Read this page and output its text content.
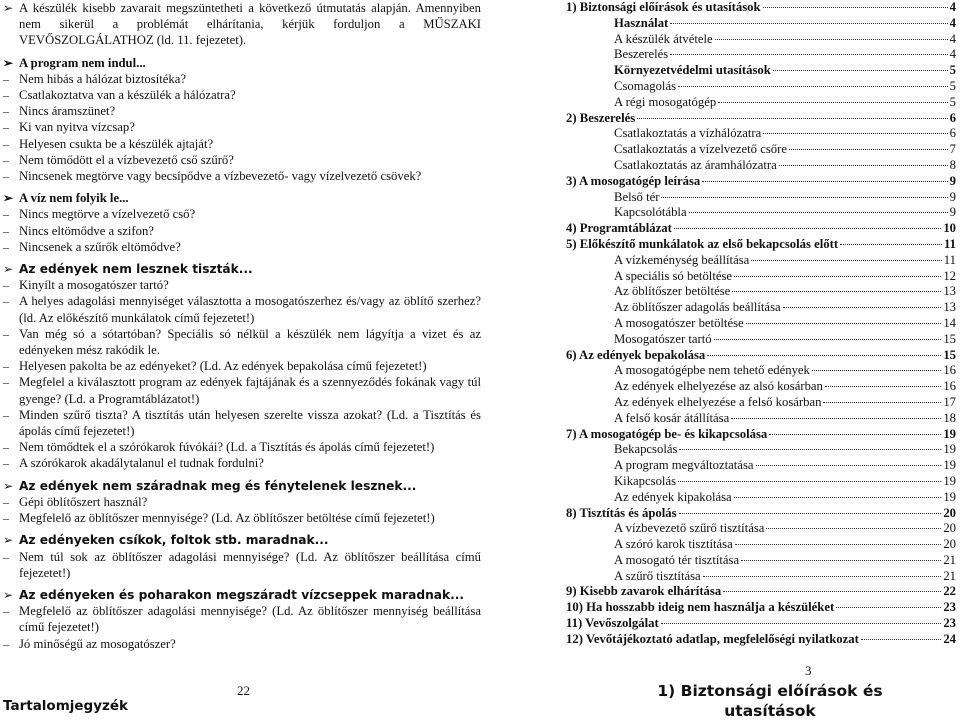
➢ A készülék kisebb zavarait megszüntetheti a következő útmutatás alapján. Amennyiben nem sikerül a problémát elhárítania, kérjük forduljon a MŰSZAKI VEVŐSZOLGÁLATHOZ (ld. 11. fejezetet).
➢ A program nem indul...
– Nem hibás a hálózat biztosítéka?
– Csatlakoztatva van a készülék a hálózatra?
– Nincs áramszünet?
– Ki van nyitva vízcsap?
– Helyesen csukta be a készülék ajtaját?
– Nem tömődött el a vízbevezető cső szűrő?
– Nincsenek megtörve vagy becsípődve a vízbevezető- vagy vízelvezető csövek?
➢ A víz nem folyik le...
– Nincs megtörve a vízelvezető cső?
– Nincs eltömődve a szifon?
– Nincsenek a szűrők eltömődve?
➢ Az edények nem lesznek tiszták...
– Kinyílt a mosogatószer tartó?
– A helyes adagolási mennyiséget választotta a mosogatószerhez és/vagy az öblítő szerhez? (ld. Az előkészítő munkálatok című fejezetet!)
– Van még só a sótartóban? Speciális só nélkül a készülék nem lágyítja a vizet és az edényeken mész rakódik le.
– Helyesen pakolta be az edényeket? (Ld. Az edények bepakolása című fejezetet!)
– Megfelel a kiválasztott program az edények fajtájának és a szennyeződés fokának vagy túl gyenge? (Ld. a Programtáblázatot!)
– Minden szűrő tiszta? A tisztítás után helyesen szerelte vissza azokat? (Ld. a Tisztítás és ápolás című fejezetet!)
– Nem tömődtek el a szórókarok fúvókái? (Ld. a Tisztítás és ápolás című fejezetet!)
– A szórókarok akadálytalanul el tudnak fordulni?
➢ Az edények nem száradnak meg és fénytelenek lesznek...
– Gépi öblítőszert használ?
– Megfelelő az öblítőszer mennyisége? (Ld. Az öblítőszer betöltése című fejezetet!)
➢ Az edényeken csíkok, foltok stb. maradnak...
– Nem túl sok az öblítőszer adagolási mennyisége? (Ld. Az öblítőszer beállítása című fejezetet!)
➢ Az edényeken és poharakon megszáradt vízcseppek maradnak...
– Megfelelő az öblítőszer adagolási mennyisége? (Ld. Az öblítőszer mennyiség beállítása című fejezetet!)
– Jó minőségű az mosogatószer?
1) Biztonsági előírások és utasítások	4
Használat	4
A készülék átvétele	4
Beszerelés	4
Környezetvédelmi utasítások	5
Csomagolás	5
A régi mosogatógép	5
2) Beszerelés	6
Csatlakoztatás a vízhálózatra	6
Csatlakoztatás a vízelvezető csőre	7
Csatlakoztatás az áramhálózatra	8
3) A mosogatógép leírása	9
Belső tér	9
Kapcsolótábla	9
4) Programtáblázat	10
5) Előkészítő munkálatok az első bekapcsolás előtt	11
A vízkeménység beállítása	11
A speciális só betöltése	12
Az öblítőszer betöltése	13
Az öblítőszer adagolás beállítása	13
A mosogatószer betöltése	14
Mosogatószer tartó	15
6) Az edények bepakolása	15
A mosogatógépbe nem tehető edények	16
Az edények elhelyezése az alsó kosárban	16
Az edények elhelyezése a felső kosárban	17
A felső kosár átállítása	18
7) A mosogatógép be- és kikapcsolása	19
Bekapcsolás	19
A program megváltoztatása	19
Kikapcsolás	19
Az edények kipakolása	19
8) Tisztítás és ápolás	20
A vízbevezető szűrő tisztítása	20
A szóró karok tisztítása	20
A mosogató tér tisztítása	21
A szűrő tisztítása	21
9) Kisebb zavarok elhárítása	22
10) Ha hosszabb ideig nem használja a készüléket	23
11) Vevőszolgálat	23
12) Vevőtájékoztató adatlap, megfelelőségi nyilatkozat	24
22
Tartalomjegyzék
3
1) Biztonsági előírások és utasítások
